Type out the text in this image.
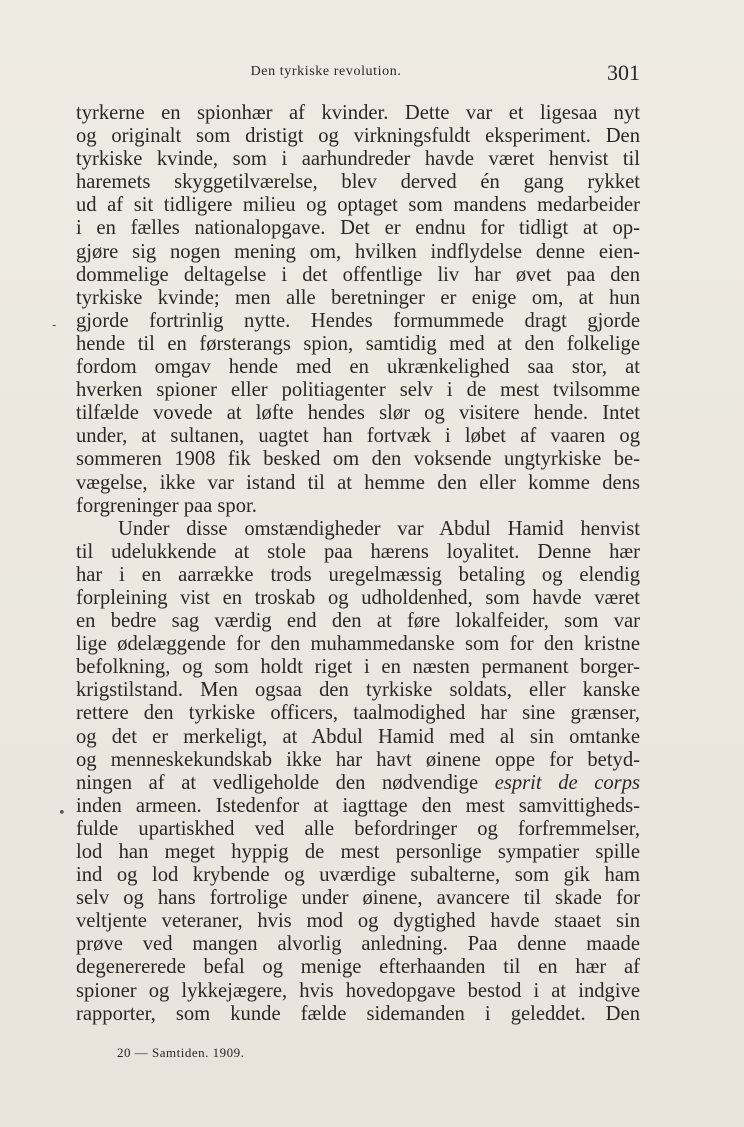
Den tyrkiske revolution.	301
tyrkerne en spionhær af kvinder. Dette var et ligesaa nyt
og originalt som dristigt og virkningsfuldt eksperiment. Den
tyrkiske kvinde, som i aarhundreder havde været henvist til
haremets skyggetilværelse, blev derved én gang rykket
ud af sit tidligere milieu og optaget som mandens medarbeider
i en fælles nationalopgave. Det er endnu for tidligt at op-
gjøre sig nogen mening om, hvilken indflydelse denne eien-
dommelige deltagelse i det offentlige liv har øvet paa den
tyrkiske kvinde; men alle beretninger er enige om, at hun
gjorde fortrinlig nytte. Hendes formummede dragt gjorde
hende til en førsterangs spion, samtidig med at den folkelige
fordom omgav hende med en ukrænkelighed saa stor, at
hverken spioner eller politiagenter selv i de mest tvilsomme
tilfælde vovede at løfte hendes slør og visitere hende. Intet
under, at sultanen, uagtet han fortvæk i løbet af vaaren og
sommeren 1908 fik besked om den voksende ungtyrkiske be-
vægelse, ikke var istand til at hemme den eller komme dens
forgreninger paa spor.
Under disse omstændigheder var Abdul Hamid henvist
til udelukkende at stole paa hærens loyalitet. Denne hær
har i en aarrække trods uregelmæssig betaling og elendig
forpleining vist en troskab og udholdenhed, som havde været
en bedre sag værdig end den at føre lokalfeider, som var
lige ødelæggende for den muhammedanske som for den kristne
befolkning, og som holdt riget i en næsten permanent borger-
krigstilstand. Men ogsaa den tyrkiske soldats, eller kanske
rettere den tyrkiske officers, taalmodighed har sine grænser,
og det er merkeligt, at Abdul Hamid med al sin omtanke
og menneskekundskab ikke har havt øinene oppe for betyd-
ningen af at vedligeholde den nødvendige esprit de corps
inden armeen. Istedenfor at iagttage den mest samvittigheds-
fulde upartiskhed ved alle befordringer og forfremmelser,
lod han meget hyppig de mest personlige sympatier spille
ind og lod krybende og uværdige subalterne, som gik ham
selv og hans fortrolige under øinene, avancere til skade for
veltjente veteraner, hvis mod og dygtighed havde staaet sin
prøve ved mangen alvorlig anledning. Paa denne maade
degenererede befal og menige efterhaanden til en hær af
spioner og lykkejægere, hvis hovedopgave bestod i at indgive
rapporter, som kunde fælde sidemanden i geleddet. Den
-
•
20 — Samtiden. 1909.
